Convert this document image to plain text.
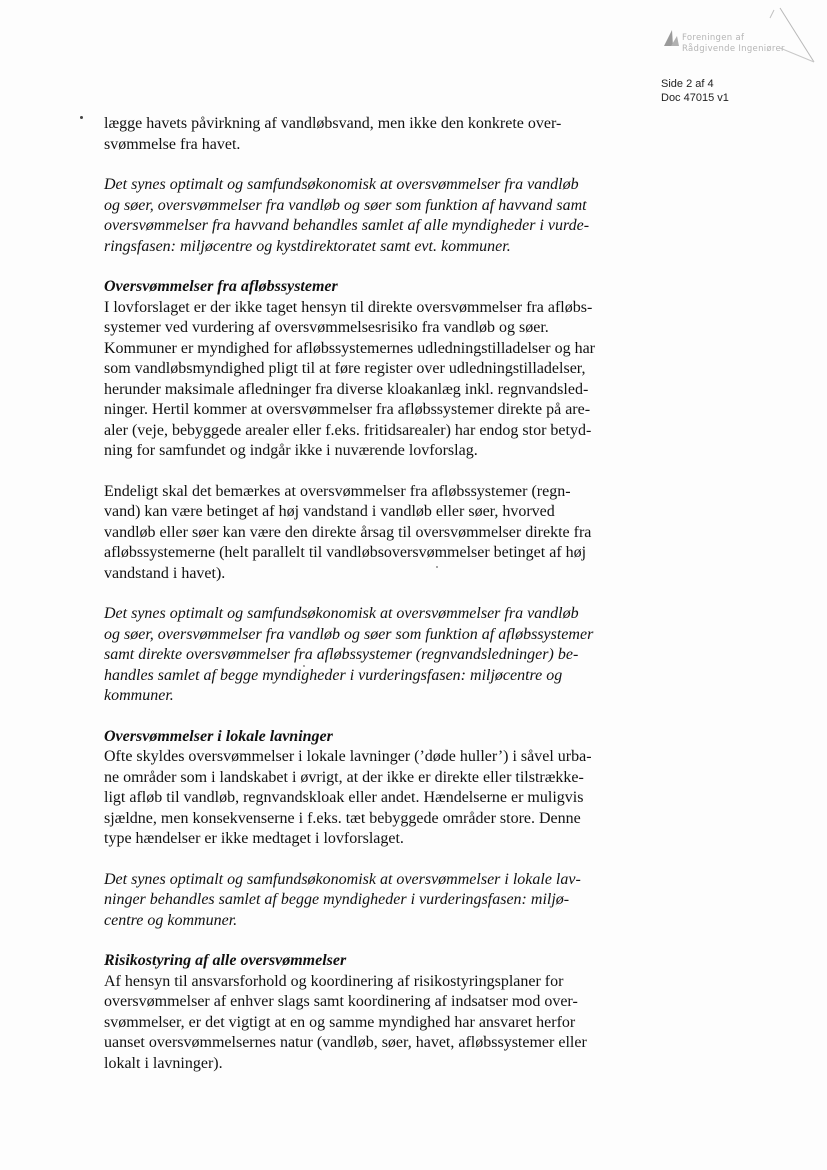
Foreningen af
Rådgivende Ingeniører
Side 2 af 4
Doc 47015 v1

lægge havets påvirkning af vandløbsvand, men ikke den konkrete over-
svømmelse fra havet.

Det synes optimalt og samfundsøkonomisk at oversvømmelser fra vandløb
og søer, oversvømmelser fra vandløb og søer som funktion af havvand samt
oversvømmelser fra havvand behandles samlet af alle myndigheder i vurde-
ringsfasen: miljøcentre og kystdirektoratet samt evt. kommuner.

Oversvømmelser fra afløbssystemer

I lovforslaget er der ikke taget hensyn til direkte oversvømmelser fra afløbs-
systemer ved vurdering af oversvømmelsesrisiko fra vandløb og søer.
Kommuner er myndighed for afløbssystemernes udledningstilladelser og har
som vandløbsmyndighed pligt til at føre register over udledningstilladelser,
herunder maksimale afledninger fra diverse kloakanlæg inkl. regnvandsled-
ninger. Hertil kommer at oversvømmelser fra afløbssystemer direkte på are-
aler (veje, bebyggede arealer eller f.eks. fritidsarealer) har endog stor betyd-
ning for samfundet og indgår ikke i nuværende lovforslag.

Endeligt skal det bemærkes at oversvømmelser fra afløbssystemer (regn-
vand) kan være betinget af høj vandstand i vandløb eller søer, hvorved
vandløb eller søer kan være den direkte årsag til oversvømmelser direkte fra
afløbssystemerne (helt parallelt til vandløbsoversvømmelser betinget af høj
vandstand i havet).

Det synes optimalt og samfundsøkonomisk at oversvømmelser fra vandløb
og søer, oversvømmelser fra vandløb og søer som funktion af afløbssystemer
samt direkte oversvømmelser fra afløbssystemer (regnvandsledninger) be-
handles samlet af begge myndigheder i vurderingsfasen: miljøcentre og
kommuner.

Oversvømmelser i lokale lavninger

Ofte skyldes oversvømmelser i lokale lavninger (’døde huller’) i såvel urba-
ne områder som i landskabet i øvrigt, at der ikke er direkte eller tilstrække-
ligt afløb til vandløb, regnvandskloak eller andet. Hændelserne er muligvis
sjældne, men konsekvenserne i f.eks. tæt bebyggede områder store. Denne
type hændelser er ikke medtaget i lovforslaget.

Det synes optimalt og samfundsøkonomisk at oversvømmelser i lokale lav-
ninger behandles samlet af begge myndigheder i vurderingsfasen: miljø-
centre og kommuner.

Risikostyring af alle oversvømmelser

Af hensyn til ansvarsforhold og koordinering af risikostyringsplaner for
oversvømmelser af enhver slags samt koordinering af indsatser mod over-
svømmelser, er det vigtigt at en og samme myndighed har ansvaret herfor
uanset oversvømmelsernes natur (vandløb, søer, havet, afløbssystemer eller
lokalt i lavninger).
